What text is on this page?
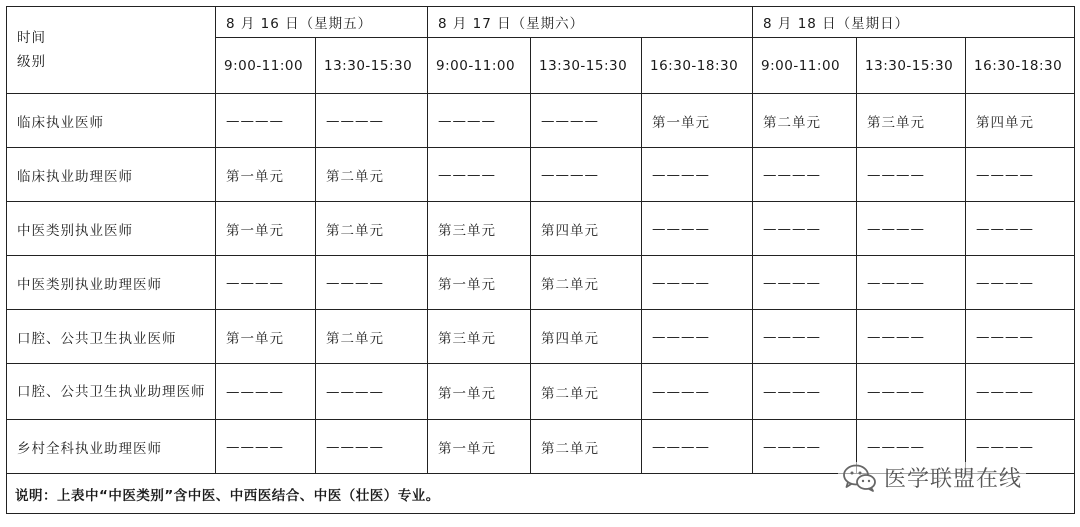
时间
级别	8 月 16 日（星期五）		8 月 17 日（星期六）			8 月 18 日（星期日）		
	9:00-11:00	13:30-15:30	9:00-11:00	13:30-15:30	16:30-18:30	9:00-11:00	13:30-15:30	16:30-18:30
临床执业医师	————	————	————	————	第一单元	第二单元	第三单元	第四单元
临床执业助理医师	第一单元	第二单元	————	————	————	————	————	————
中医类别执业医师	第一单元	第二单元	第三单元	第四单元	————	————	————	————
中医类别执业助理医师	————	————	第一单元	第二单元	————	————	————	————
口腔、公共卫生执业医师	第一单元	第二单元	第三单元	第四单元	————	————	————	————
口腔、公共卫生执业助理医师	————	————	第一单元	第二单元	————	————	————	————
乡村全科执业助理医师	————	————	第一单元	第二单元	————	————	————	————
说明：上表中“中医类别”含中医、中西医结合、中医（壮医）专业。								
医学联盟在线
